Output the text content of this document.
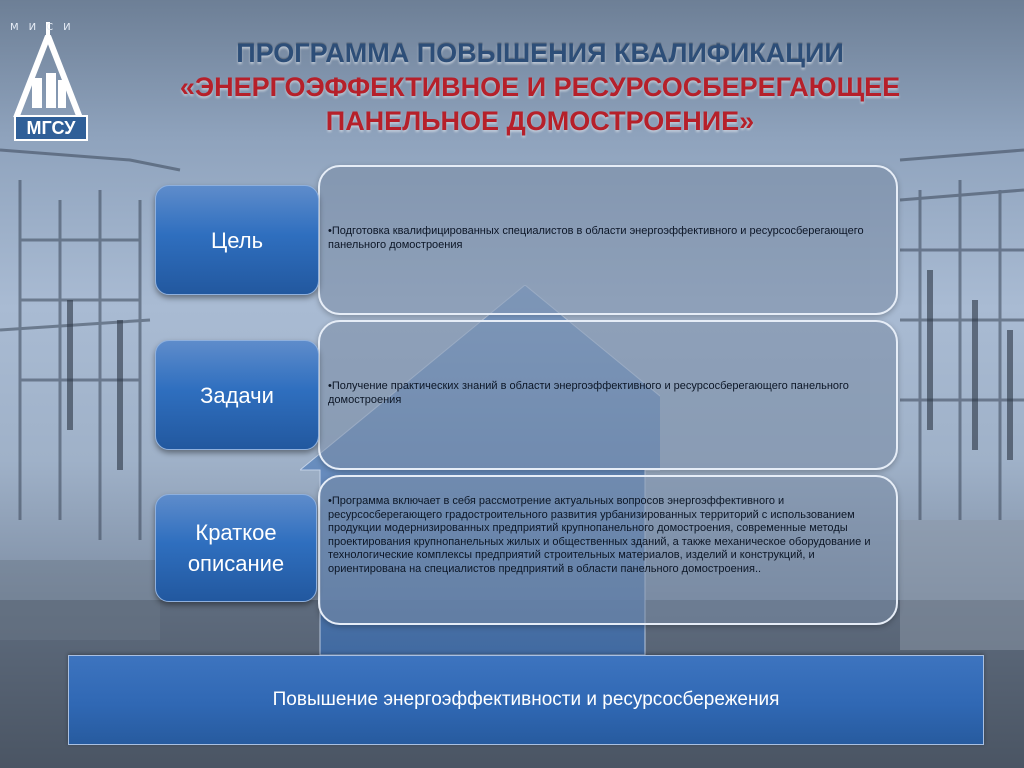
МИСИ
МГСУ
ПРОГРАММА ПОВЫШЕНИЯ КВАЛИФИКАЦИИ
«ЭНЕРГОЭФФЕКТИВНОЕ И РЕСУРСОСБЕРЕГАЮЩЕЕ
ПАНЕЛЬНОЕ ДОМОСТРОЕНИЕ»
•Подготовка квалифицированных специалистов в области энергоэффективного и ресурсосберегающего панельного домостроения
•Получение практических знаний в области энергоэффективного и ресурсосберегающего панельного домостроения
•Программа включает в себя рассмотрение актуальных вопросов энергоэффективного и ресурсосберегающего градостроительного развития урбанизированных территорий с использованием продукции модернизированных предприятий крупнопанельного домостроения, современные методы проектирования крупнопанельных жилых и общественных зданий, а также механическое оборудование и технологические комплексы предприятий строительных материалов, изделий и конструкций, и ориентирована на специалистов предприятий в области панельного домостроения..
Цель
Задачи
Краткое описание
Повышение энергоэффективности и ресурсосбережения
